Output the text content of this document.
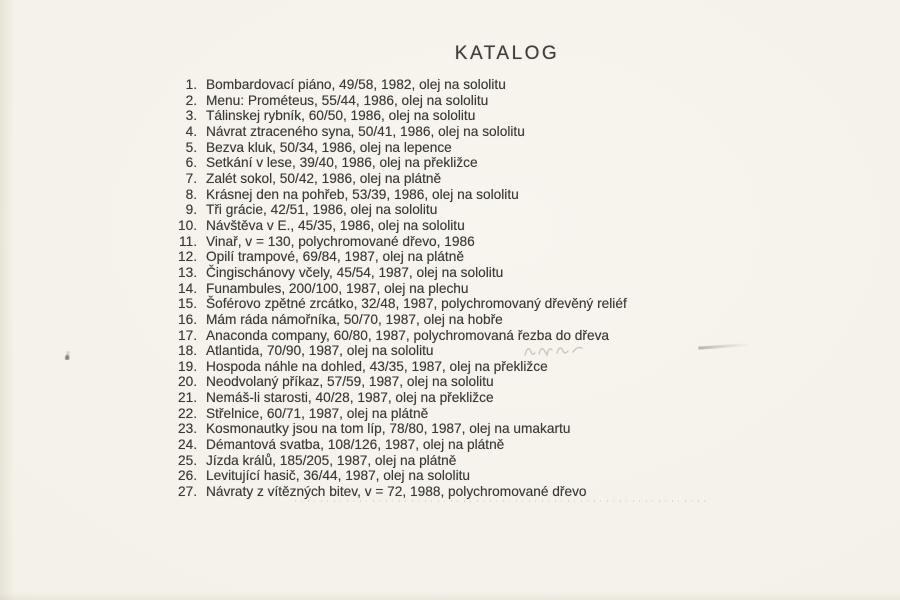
KATALOG
1. Bombardovací piáno, 49/58, 1982, olej na sololitu
2. Menu: Prométeus, 55/44, 1986, olej na sololitu
3. Tálinskej rybník, 60/50, 1986, olej na sololitu
4. Návrat ztraceného syna, 50/41, 1986, olej na sololitu
5. Bezva kluk, 50/34, 1986, olej na lepence
6. Setkání v lese, 39/40, 1986, olej na překližce
7. Zalét sokol, 50/42, 1986, olej na plátně
8. Krásnej den na pohřeb, 53/39, 1986, olej na sololitu
9. Tři grácie, 42/51, 1986, olej na sololitu
10. Návštěva v E., 45/35, 1986, olej na sololitu
11. Vinař, v = 130, polychromované dřevo, 1986
12. Opilí trampové, 69/84, 1987, olej na plátně
13. Čingischánovy včely, 45/54, 1987, olej na sololitu
14. Funambules, 200/100, 1987, olej na plechu
15. Šoférovo zpětné zrcátko, 32/48, 1987, polychromovaný dřevěný reliéf
16. Mám ráda námořníka, 50/70, 1987, olej na hobře
17. Anaconda company, 60/80, 1987, polychromovaná řezba do dřeva
18. Atlantida, 70/90, 1987, olej na sololitu
19. Hospoda náhle na dohled, 43/35, 1987, olej na překližce
20. Neodvolaný příkaz, 57/59, 1987, olej na sololitu
21. Nemáš-li starosti, 40/28, 1987, olej na překližce
22. Střelnice, 60/71, 1987, olej na plátně
23. Kosmonautky jsou na tom líp, 78/80, 1987, olej na umakartu
24. Démantová svatba, 108/126, 1987, olej na plátně
25. Jízda králů, 185/205, 1987, olej na plátně
26. Levitující hasič, 36/44, 1987, olej na sololitu
27. Návraty z vítězných bitev, v = 72, 1988, polychromované dřevo
